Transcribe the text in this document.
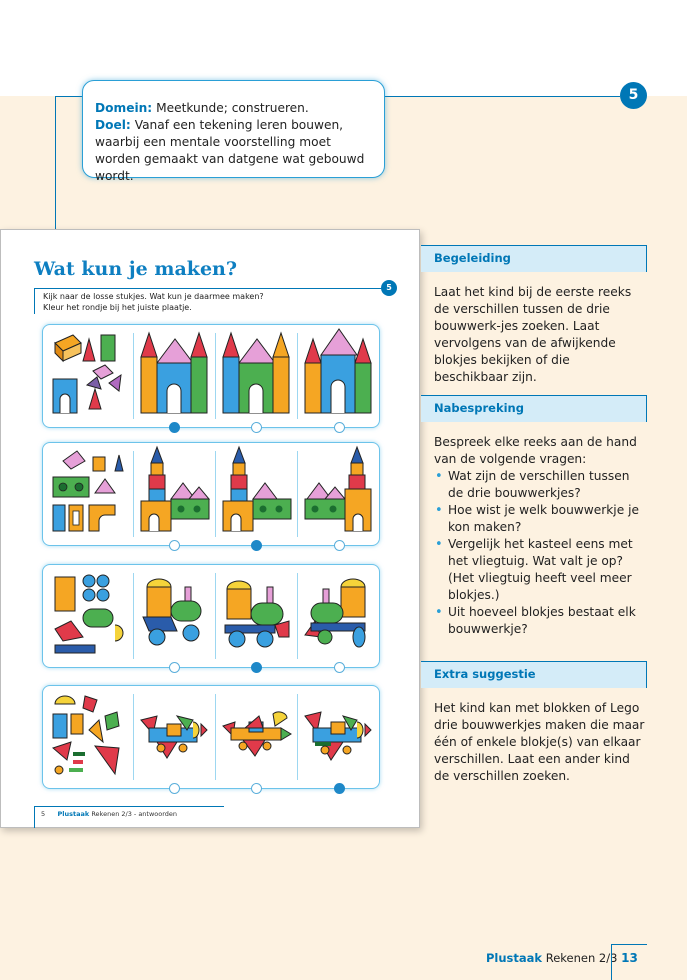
5
Domein: Meetkunde; construeren.
Doel: Vanaf een tekening leren bouwen, waarbij een mentale voorstelling moet worden gemaakt van datgene wat gebouwd wordt.
Wat kun je maken?
5
Kijk naar de losse stukjes. Wat kun je daarmee maken?
Kleur het rondje bij het juiste plaatje.
5 Plustaak Rekenen 2/3 - antwoorden
Begeleiding
Laat het kind bij de eerste reeks de verschillen tussen de drie bouwwerk-jes zoeken. Laat vervolgens van de afwijkende blokjes bekijken of die beschikbaar zijn.
Nabespreking
Bespreek elke reeks aan de hand van de volgende vragen:
• Wat zijn de verschillen tussen de drie bouwwerkjes?
• Hoe wist je welk bouwwerkje je kon maken?
• Vergelijk het kasteel eens met het vliegtuig. Wat valt je op? (Het vliegtuig heeft veel meer blokjes.)
• Uit hoeveel blokjes bestaat elk bouwwerkje?
Extra suggestie
Het kind kan met blokken of Lego drie bouwwerkjes maken die maar één of enkele blokje(s) van elkaar verschillen. Laat een ander kind de verschillen zoeken.
Plustaak Rekenen 2/3 13
